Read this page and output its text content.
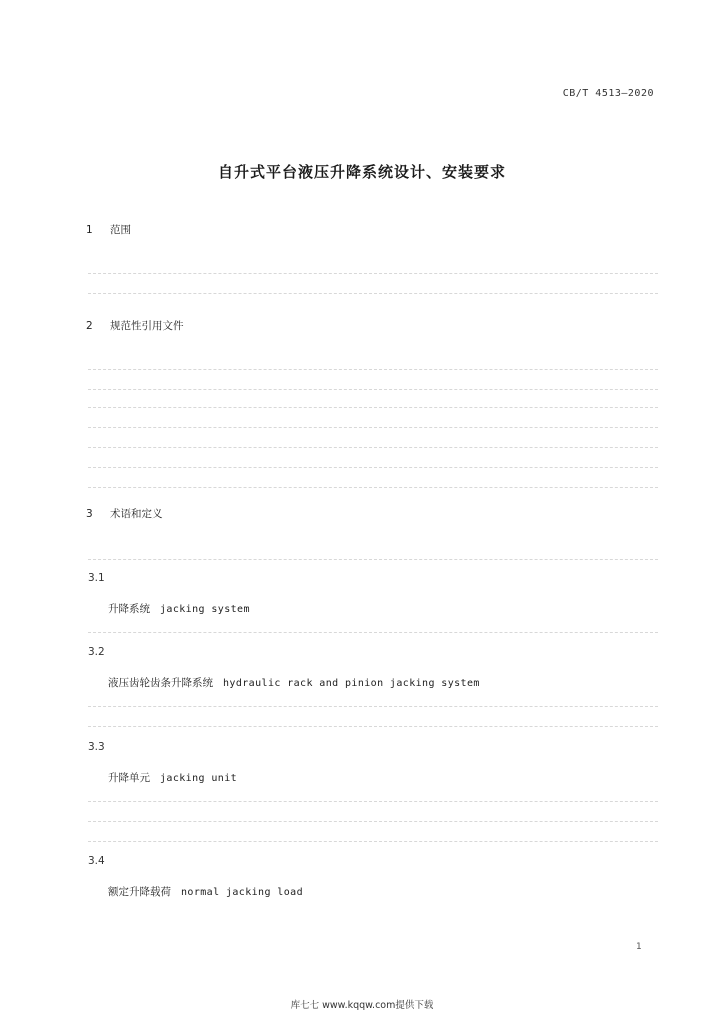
CB/T 4513—2020
自升式平台液压升降系统设计、安装要求
1 范围
2 规范性引用文件
3 术语和定义
3.1
升降系统 jacking system
3.2
液压齿轮齿条升降系统 hydraulic rack and pinion jacking system
3.3
升降单元 jacking unit
3.4
额定升降载荷 normal jacking load
1
库七七 www.kqqw.com提供下载
